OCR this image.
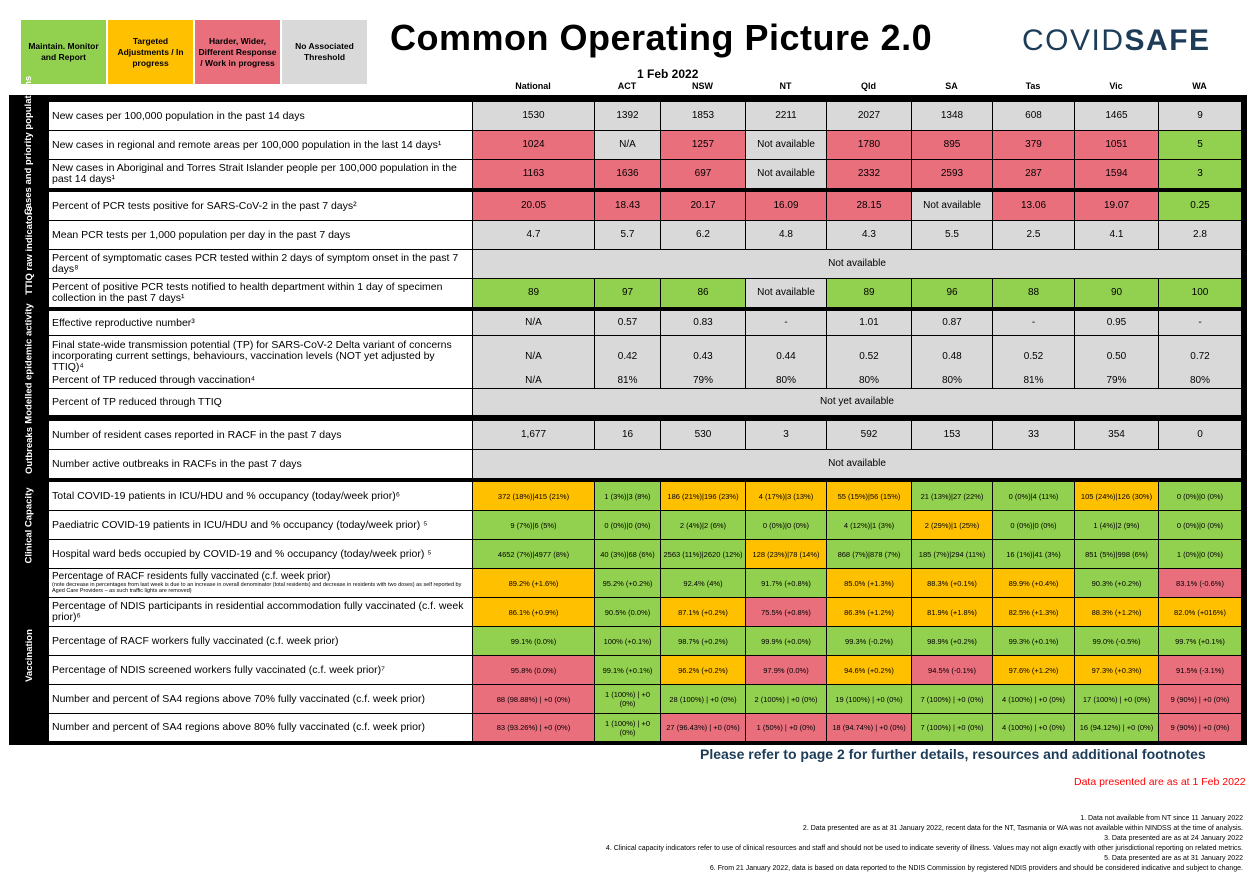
Maintain. Monitor and Report
Targeted Adjustments / In progress
Harder, Wider, Different Response / Work in progress
No Associated Threshold	Common Operating Picture 2.0
1 Feb 2022
COVIDSAFE
National	ACT	NSW	NT	Qld	SA	Tas	Vic	WA
Cases and priority populations
TTIQ raw indicators
Modelled epidemic activity
Outbreaks
Clinical Capacity
Vaccination
New cases per 100,000 population in the past 14 days	1530	1392	1853	2211	2027	1348	608	1465	9
New cases in regional and remote areas per 100,000 population in the last 14 days¹	1024	N/A	1257	Not available	1780	895	379	1051	5
New cases in Aboriginal and Torres Strait Islander people per 100,000 population in the past 14 days¹	1163	1636	697	Not available	2332	2593	287	1594	3
Percent of PCR tests positive for SARS-CoV-2 in the past 7 days²	20.05	18.43	20.17	16.09	28.15	Not available	13.06	19.07	0.25
Mean PCR tests per 1,000 population per day in the past 7 days	4.7	5.7	6.2	4.8	4.3	5.5	2.5	4.1	2.8
Percent of symptomatic cases PCR tested within 2 days of symptom onset in the past 7 days⁸	Not available
Percent of positive PCR tests notified to health department within 1 day of specimen collection in the past 7 days¹	89	97	86	Not available	89	96	88	90	100
Effective reproductive number³	N/A	0.57	0.83	-	1.01	0.87	-	0.95	-
Final state-wide transmission potential (TP) for SARS-CoV-2 Delta variant of concerns incorporating current settings, behaviours, vaccination levels (NOT yet adjusted by TTIQ)⁴
N/A	0.42	0.43	0.44	0.52	0.48	0.52	0.50	0.72
Percent of TP reduced through vaccination⁴	N/A	81%	79%	80%	80%	80%	81%	79%	80%
Percent of TP reduced through TTIQ	Not yet available
Number of resident cases reported in RACF in the past 7 days	1,677	16	530	3	592	153	33	354	0
Number active outbreaks in RACFs in the past 7 days	Not available
Total COVID-19 patients in ICU/HDU and % occupancy (today/week prior)⁶	372 (18%)|415 (21%)	1 (3%)|3 (8%)	186 (21%)|196 (23%)	4 (17%)|3 (13%)	55 (15%)|56 (15%)	21 (13%)|27 (22%)	0 (0%)|4 (11%)	105 (24%)|126 (30%)	0 (0%)|0 (0%)
Paediatric COVID-19 patients in ICU/HDU and % occupancy (today/week prior) ⁵	9 (7%)|6 (5%)	0 (0%)|0 (0%)	2 (4%)|2 (6%)	0 (0%)|0 (0%)	4 (12%)|1 (3%)	2 (29%)|1 (25%)	0 (0%)|0 (0%)	1 (4%)|2 (9%)	0 (0%)|0 (0%)
Hospital ward beds occupied by COVID-19 and % occupancy (today/week prior) ⁵	4652 (7%)|4977 (8%)	40 (3%)|68 (6%)	2563 (11%)|2620 (12%)	128 (23%)|78 (14%)	868 (7%)|878 (7%)	185 (7%)|294 (11%)	16 (1%)|41 (3%)	851 (5%)|998 (6%)	1 (0%)|0 (0%)
Percentage of RACF residents fully vaccinated (c.f. week prior)
(note decrease in percentages from last week is due to an increase in overall denominator (total residents) and decrease in residents with two doses) as self reported by Aged Care Providers – as such traffic lights are removed)
89.2% (+1.6%)	95.2% (+0.2%)	92.4% (4%)	91.7% (+0.8%)	85.0% (+1.3%)	88.3% (+0.1%)	89.9% (+0.4%)	90.3% (+0.2%)	83.1% (-0.6%)
Percentage of NDIS participants in residential accommodation fully vaccinated (c.f. week prior)⁶	86.1% (+0.9%)	90.5% (0.0%)	87.1% (+0.2%)	75.5% (+0.8%)	86.3% (+1.2%)	81.9% (+1.8%)	82.5% (+1.3%)	88.3% (+1.2%)	82.0% (+016%)
Percentage of RACF workers fully vaccinated (c.f. week prior)	99.1% (0.0%)	100% (+0.1%)	98.7% (+0.2%)	99.9% (+0.0%)	99.3% (-0.2%)	98.9% (+0.2%)	99.3% (+0.1%)	99.0% (-0.5%)	99.7% (+0.1%)
Percentage of NDIS screened workers fully vaccinated (c.f. week prior)⁷	95.8% (0.0%)	99.1% (+0.1%)	96.2% (+0.2%)	97.9% (0.0%)	94.6% (+0.2%)	94.5% (-0.1%)	97.6% (+1.2%)	97.3% (+0.3%)	91.5% (-3.1%)
Number and percent of SA4 regions above 70% fully vaccinated (c.f. week prior)	88 (98.88%) | +0 (0%)	1 (100%) | +0 (0%)	28 (100%) | +0 (0%)	2 (100%) | +0 (0%)	19 (100%) | +0 (0%)	7 (100%) | +0 (0%)	4 (100%) | +0 (0%)	17 (100%) | +0 (0%)	9 (90%) | +0 (0%)
Number and percent of SA4 regions above 80% fully vaccinated (c.f. week prior)	83 (93.26%) | +0 (0%)	1 (100%) | +0 (0%)	27 (96.43%) | +0 (0%)	1 (50%) | +0 (0%)	18 (94.74%) | +0 (0%)	7 (100%) | +0 (0%)	4 (100%) | +0 (0%)	16 (94.12%) | +0 (0%)	9 (90%) | +0 (0%)
Please refer to page 2 for further details, resources and additional footnotes
Data presented are as at 1 Feb 2022
1. Data not available from NT since 11 January 2022
2. Data presented are as at 31 January 2022, recent data for the NT, Tasmania or WA was not available within NINDSS at the time of analysis.
3. Data presented are as at 24 January 2022
4. Clinical capacity indicators refer to use of clinical resources and staff and should not be used to indicate severity of illness. Values may not align exactly with other jurisdictional reporting on related metrics.
5. Data presented are as at 31 January 2022
6. From 21 January 2022, data is based on data reported to the NDIS Commission by registered NDIS providers and should be considered indicative and subject to change.
